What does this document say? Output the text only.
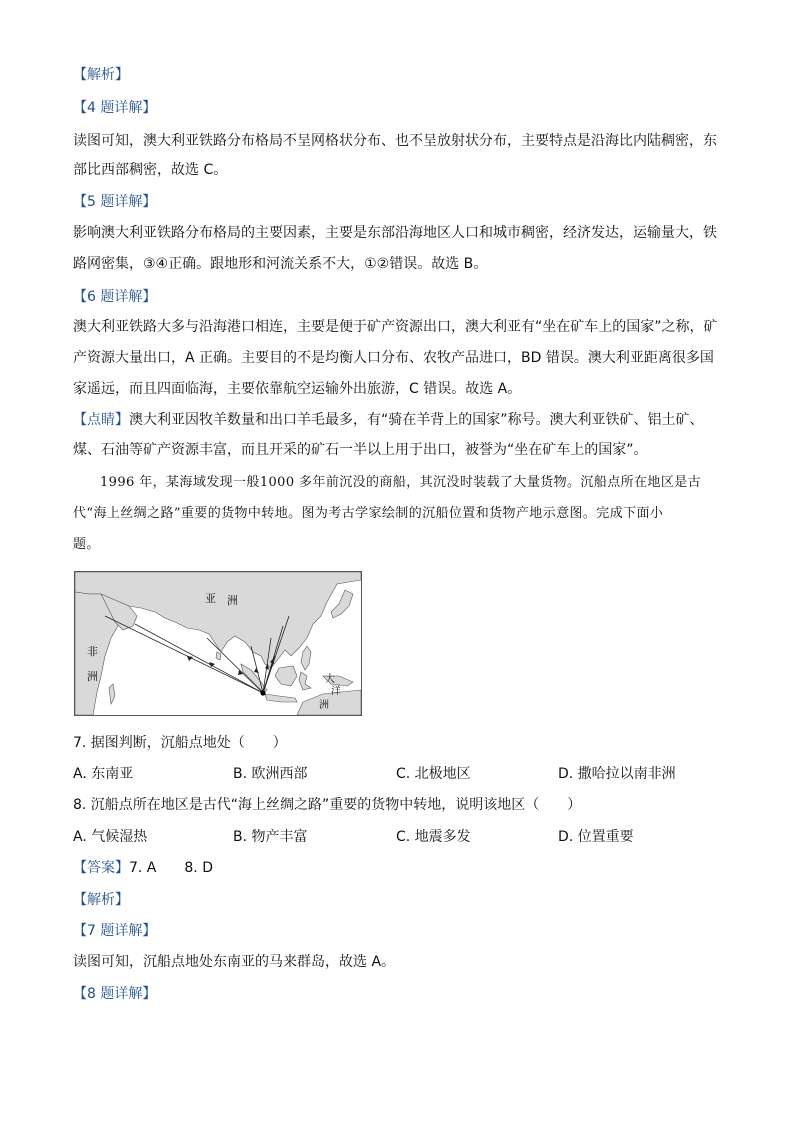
【解析】
【4 题详解】
读图可知，澳大利亚铁路分布格局不呈网格状分布、也不呈放射状分布，主要特点是沿海比内陆稠密，东
部比西部稠密，故选 C。
【5 题详解】
影响澳大利亚铁路分布格局的主要因素，主要是东部沿海地区人口和城市稠密，经济发达，运输量大，铁
路网密集，③④正确。跟地形和河流关系不大，①②错误。故选 B。
【6 题详解】
澳大利亚铁路大多与沿海港口相连，主要是便于矿产资源出口，澳大利亚有“坐在矿车上的国家”之称，矿
产资源大量出口，A 正确。主要目的不是均衡人口分布、农牧产品进口，BD 错误。澳大利亚距离很多国
家遥远，而且四面临海，主要依靠航空运输外出旅游，C 错误。故选 A。
【点睛】澳大利亚因牧羊数量和出口羊毛最多，有“骑在羊背上的国家”称号。澳大利亚铁矿、铝土矿、
煤、石油等矿产资源丰富，而且开采的矿石一半以上用于出口，被誉为“坐在矿车上的国家”。
1996 年，某海域发现一般1000 多年前沉没的商船，其沉没时装载了大量货物。沉船点所在地区是古
代“海上丝绸之路”重要的货物中转地。图为考古学家绘制的沉船位置和货物产地示意图。完成下面小
题。
亚 洲
非
洲	大
洋
洲
7. 据图判断，沉船点地处（　　）
A. 东南亚	B. 欧洲西部	C. 北极地区	D. 撒哈拉以南非洲
8. 沉船点所在地区是古代“海上丝绸之路”重要的货物中转地，说明该地区（　　）
A. 气候湿热	B. 物产丰富	C. 地震多发	D. 位置重要
【答案】7. A　　8. D
【解析】
【7 题详解】
读图可知，沉船点地处东南亚的马来群岛，故选 A。
【8 题详解】
